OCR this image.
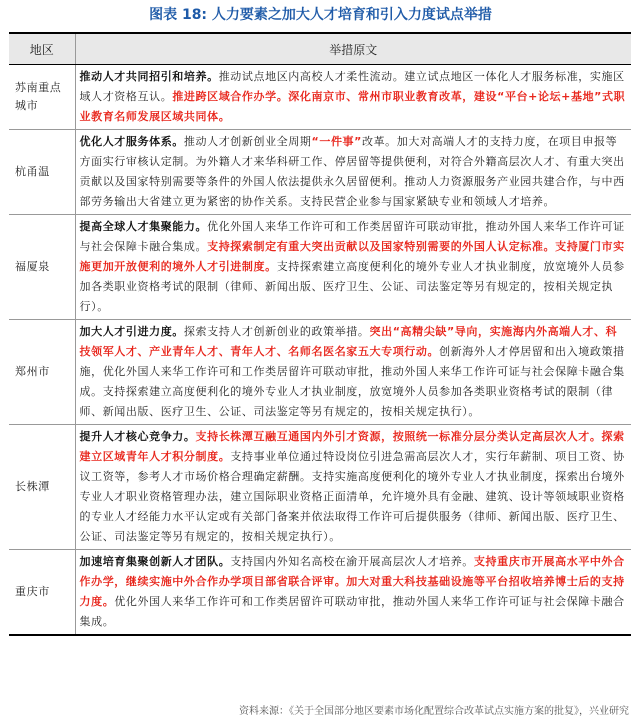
图表 18: 人力要素之加大人才培育和引入力度试点举措
地区	举措原文
苏南重点城市	推动人才共同招引和培养。推动试点地区内高校人才柔性流动。建立试点地区一体化人才服务标准，实施区域人才资格互认。推进跨区域合作办学。深化南京市、常州市职业教育改革，建设“平台+论坛+基地”式职业教育名师发展区域共同体。
杭甬温	优化人才服务体系。推动人才创新创业全周期“一件事”改革。加大对高端人才的支持力度，在项目申报等方面实行审核认定制。为外籍人才来华科研工作、停居留等提供便利，对符合外籍高层次人才、有重大突出贡献以及国家特别需要等条件的外国人依法提供永久居留便利。推动人力资源服务产业园共建合作，与中西部劳务输出大省建立更为紧密的协作关系。支持民营企业参与国家紧缺专业和领域人才培养。
福厦泉	提高全球人才集聚能力。优化外国人来华工作许可和工作类居留许可联动审批，推动外国人来华工作许可证与社会保障卡融合集成。支持探索制定有重大突出贡献以及国家特别需要的外国人认定标准。支持厦门市实施更加开放便利的境外人才引进制度。支持探索建立高度便利化的境外专业人才执业制度，放宽境外人员参加各类职业资格考试的限制（律师、新闻出版、医疗卫生、公证、司法鉴定等另有规定的，按相关规定执行）。
郑州市	加大人才引进力度。探索支持人才创新创业的政策举措。突出“高精尖缺”导向，实施海内外高端人才、科技领军人才、产业青年人才、青年人才、名师名医名家五大专项行动。创新海外人才停居留和出入境政策措施，优化外国人来华工作许可和工作类居留许可联动审批，推动外国人来华工作许可证与社会保障卡融合集成。支持探索建立高度便利化的境外专业人才执业制度，放宽境外人员参加各类职业资格考试的限制（律师、新闻出版、医疗卫生、公证、司法鉴定等另有规定的，按相关规定执行）。
长株潭	提升人才核心竞争力。支持长株潭互融互通国内外引才资源，按照统一标准分层分类认定高层次人才。探索建立区域青年人才积分制度。支持事业单位通过特设岗位引进急需高层次人才，实行年薪制、项目工资、协议工资等，参考人才市场价格合理确定薪酬。支持实施高度便利化的境外专业人才执业制度，探索出台境外专业人才职业资格管理办法，建立国际职业资格正面清单，允许境外具有金融、建筑、设计等领域职业资格的专业人才经能力水平认定或有关部门备案并依法取得工作许可后提供服务（律师、新闻出版、医疗卫生、公证、司法鉴定等另有规定的，按相关规定执行）。
重庆市	加速培育集聚创新人才团队。支持国内外知名高校在渝开展高层次人才培养。支持重庆市开展高水平中外合作办学，继续实施中外合作办学项目部省联合评审。加大对重大科技基础设施等平台招收培养博士后的支持力度。优化外国人来华工作许可和工作类居留许可联动审批，推动外国人来华工作许可证与社会保障卡融合集成。
资料来源：《关于全国部分地区要素市场化配置综合改革试点实施方案的批复》，兴业研究
